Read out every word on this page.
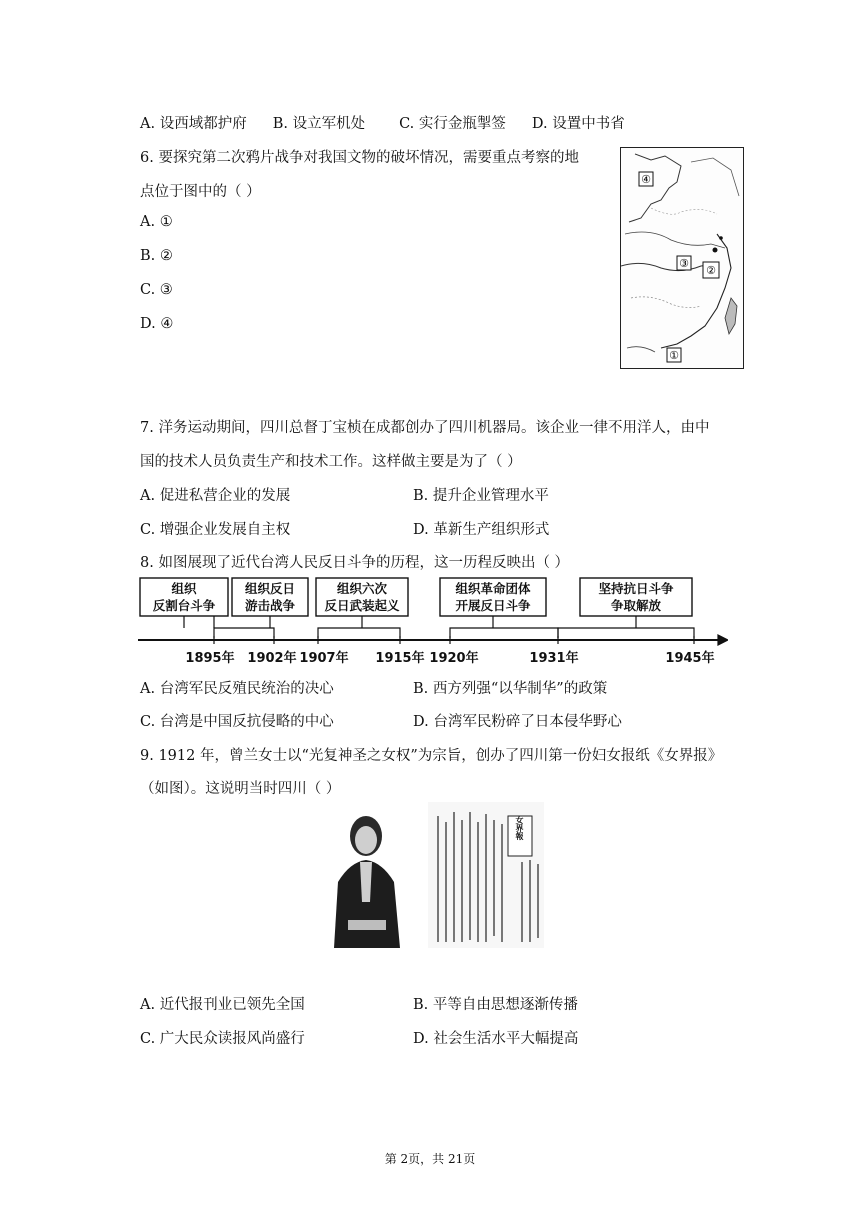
A. 设西域都护府 B. 设立军机处 C. 实行金瓶掣签 D. 设置中书省
6. 要探究第二次鸦片战争对我国文物的破坏情况，需要重点考察的地
点位于图中的（ ）
A. ①
B. ②
C. ③
D. ④
④
③
②
①
7. 洋务运动期间，四川总督丁宝桢在成都创办了四川机器局。该企业一律不用洋人，由中
国的技术人员负责生产和技术工作。这样做主要是为了（ ）
A. 促进私营企业的发展	B. 提升企业管理水平
C. 增强企业发展自主权	D. 革新生产组织形式
8. 如图展现了近代台湾人民反日斗争的历程，这一历程反映出（ ）
组织
反割台斗争
组织反日
游击战争
组织六次
反日武装起义
组织革命团体
开展反日斗争
坚持抗日斗争
争取解放
1895年 1902年 1907年 1915年 1920年	1931年	1945年
A. 台湾军民反殖民统治的决心	B. 西方列强“以华制华”的政策
C. 台湾是中国反抗侵略的中心	D. 台湾军民粉碎了日本侵华野心
9. 1912 年，曾兰女士以“光复神圣之女权”为宗旨，创办了四川第一份妇女报纸《女界报》
（如图）。这说明当时四川（ ）
女界報
A. 近代报刊业已领先全国	B. 平等自由思想逐渐传播
C. 广大民众读报风尚盛行	D. 社会生活水平大幅提高
第 2页，共 21页
